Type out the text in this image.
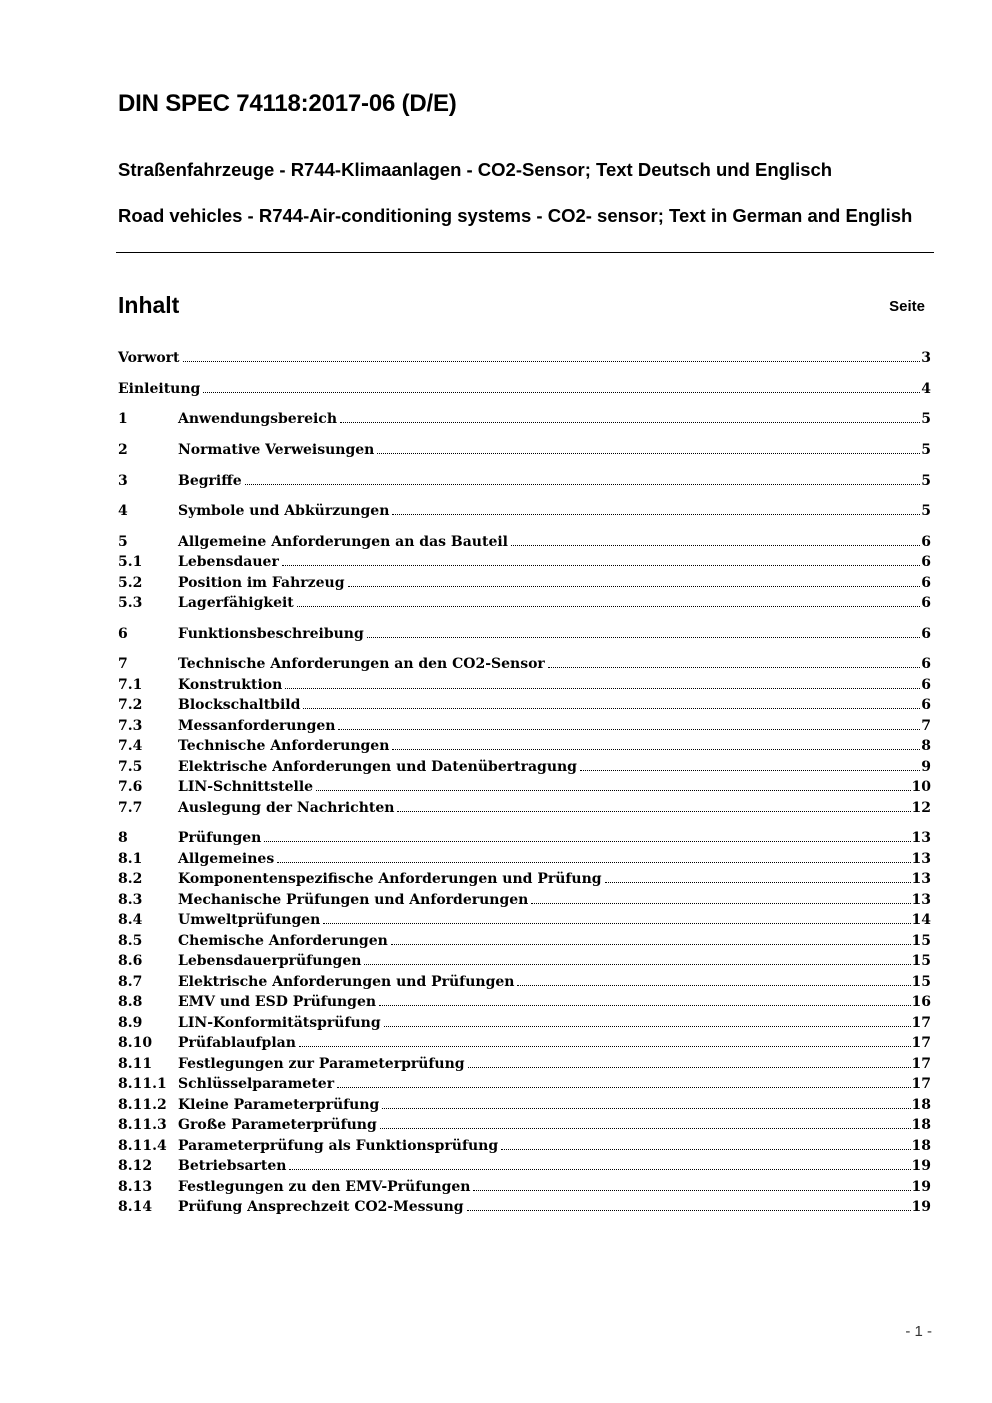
DIN SPEC 74118:2017-06 (D/E)

Straßenfahrzeuge - R744-Klimaanlagen - CO2-Sensor; Text Deutsch und Englisch

Road vehicles - R744-Air-conditioning systems - CO2- sensor; Text in German and English

Inhalt	Seite
Vorwort	3
Einleitung	4
1	Anwendungsbereich	5
2	Normative Verweisungen	5
3	Begriffe	5
4	Symbole und Abkürzungen	5
5	Allgemeine Anforderungen an das Bauteil	6
5.1	Lebensdauer	6
5.2	Position im Fahrzeug	6
5.3	Lagerfähigkeit	6
6	Funktionsbeschreibung	6
7	Technische Anforderungen an den CO2-Sensor	6
7.1	Konstruktion	6
7.2	Blockschaltbild	6
7.3	Messanforderungen	7
7.4	Technische Anforderungen	8
7.5	Elektrische Anforderungen und Datenübertragung	9
7.6	LIN-Schnittstelle	10
7.7	Auslegung der Nachrichten	12
8	Prüfungen	13
8.1	Allgemeines	13
8.2	Komponentenspezifische Anforderungen und Prüfung	13
8.3	Mechanische Prüfungen und Anforderungen	13
8.4	Umweltprüfungen	14
8.5	Chemische Anforderungen	15
8.6	Lebensdauerprüfungen	15
8.7	Elektrische Anforderungen und Prüfungen	15
8.8	EMV und ESD Prüfungen	16
8.9	LIN-Konformitätsprüfung	17
8.10	Prüfablaufplan	17
8.11	Festlegungen zur Parameterprüfung	17
8.11.1 Schlüsselparameter	17
8.11.2 Kleine Parameterprüfung	18
8.11.3 Große Parameterprüfung	18
8.11.4 Parameterprüfung als Funktionsprüfung	18
8.12	Betriebsarten	19
8.13	Festlegungen zu den EMV-Prüfungen	19
8.14	Prüfung Ansprechzeit CO2-Messung	19
- 1 -
